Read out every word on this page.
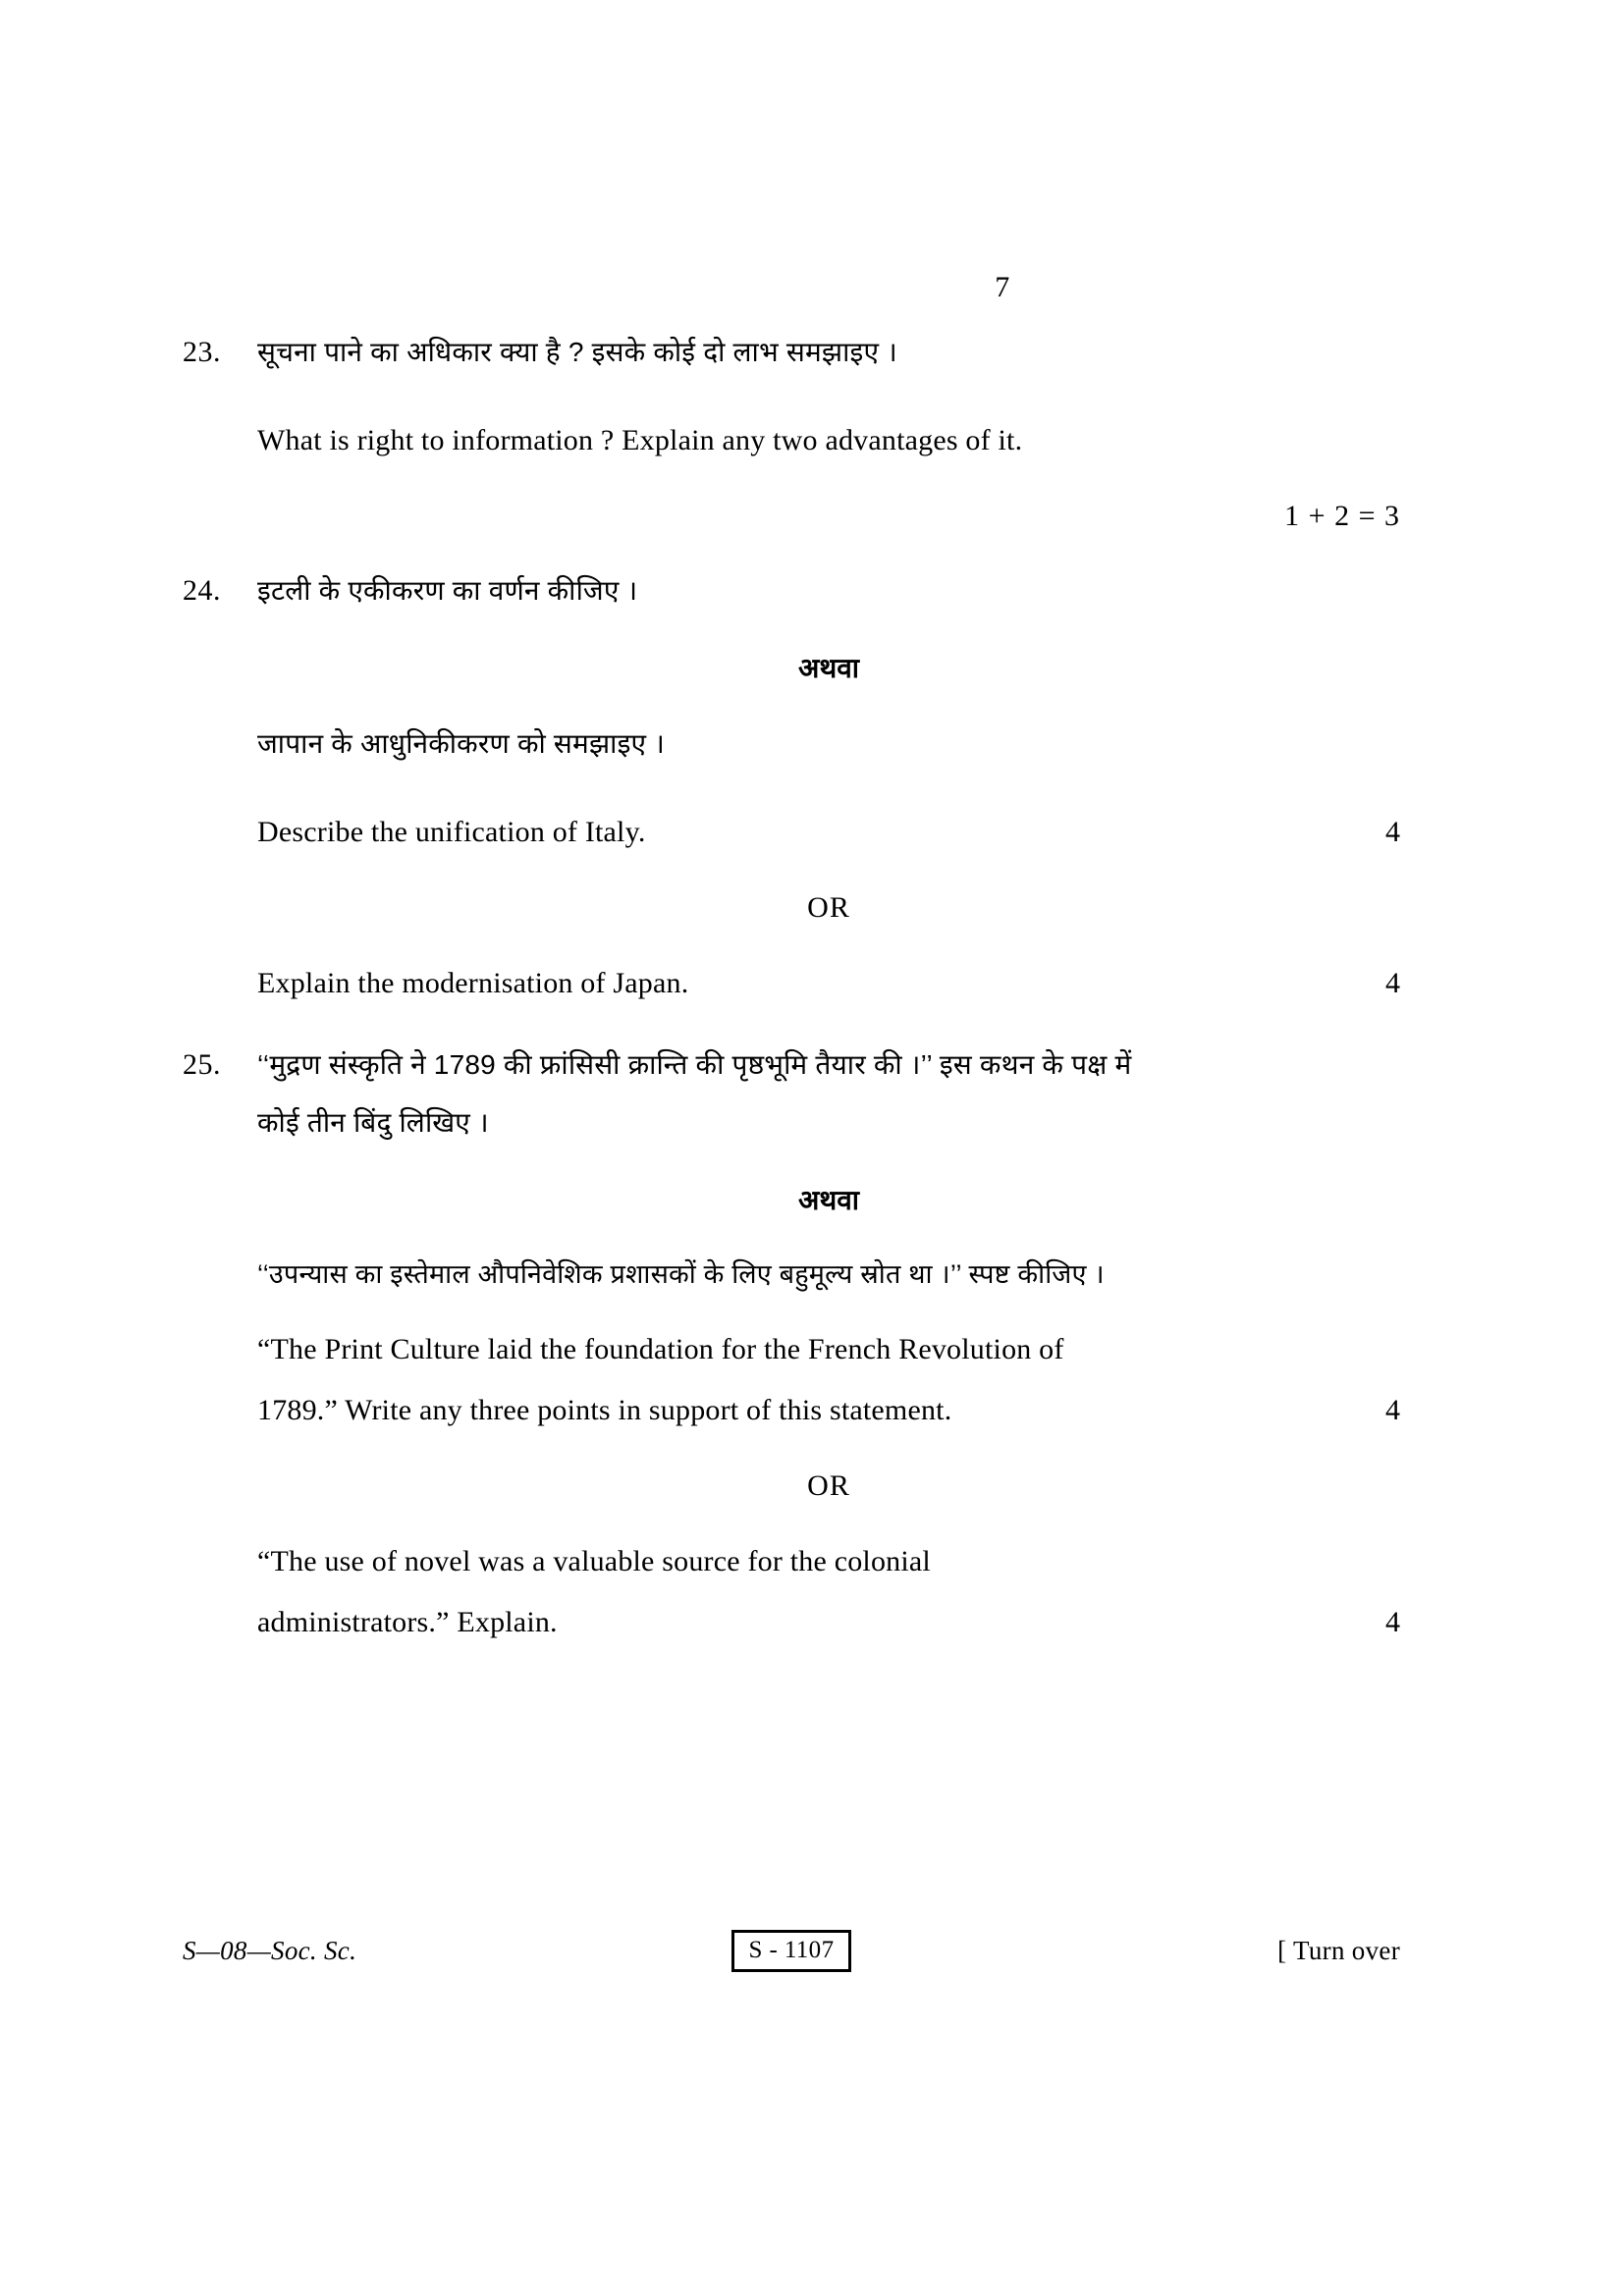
7
23.	सूचना पाने का अधिकार क्या है ? इसके कोई दो लाभ समझाइए ।
What is right to information ? Explain any two advantages of it.
1 + 2 = 3
24.	इटली के एकीकरण का वर्णन कीजिए ।
अथवा
जापान के आधुनिकीकरण को समझाइए ।
Describe the unification of Italy.	4
OR
Explain the modernisation of Japan.	4
25.	‘‘मुद्रण संस्कृति ने 1789 की फ्रांसिसी क्रान्ति की पृष्ठभूमि तैयार की ।’’ इस कथन के पक्ष में
कोई तीन बिंदु लिखिए ।
अथवा
‘‘उपन्यास का इस्तेमाल औपनिवेशिक प्रशासकों के लिए बहुमूल्य स्रोत था ।’’ स्पष्ट कीजिए ।
“The Print Culture laid the foundation for the French Revolution of
1789.” Write any three points in support of this statement.	4
OR
“The use of novel was a valuable source for the colonial
administrators.” Explain.	4
S—08—Soc. Sc.	S - 1107	[ Turn over
